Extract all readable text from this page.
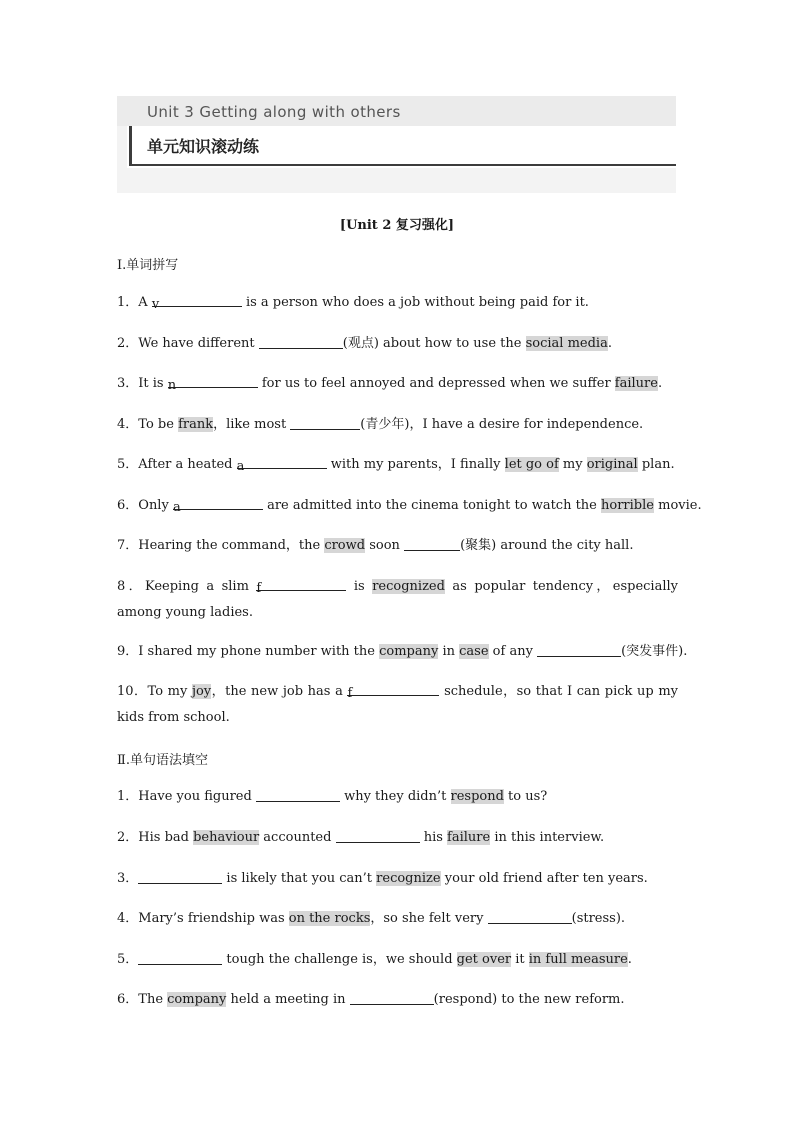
Unit 3 Getting along with others
单元知识滚动练
[Unit 2 复习强化]
Ⅰ.单词拼写
1．A v	is a person who does a job without being paid for it.
2．We have different	(观点) about how to use the social media.
3．It is n	for us to feel annoyed and depressed when we suffer failure.
4．To be frank，like most	(青少年)，I have a desire for independence.
5．After a heated a	with my parents，I finally let go of my original plan.
6．Only a	are admitted into the cinema tonight to watch the horrible movie.
7．Hearing the command，the crowd soon	(聚集) around the city hall.
8．Keeping a slim f	is recognized as popular tendency，especially among young ladies.
9．I shared my phone number with the company in case of any	(突发事件).
10．To my joy，the new job has a f	schedule，so that I can pick up my kids from school.
Ⅱ.单句语法填空
1．Have you figured	why they didn’t respond to us?
2．His bad behaviour accounted	his failure in this interview.
3．	is likely that you can’t recognize your old friend after ten years.
4．Mary’s friendship was on the rocks，so she felt very	(stress).
5．	tough the challenge is，we should get over it in full measure.
6．The company held a meeting in	(respond) to the new reform.
